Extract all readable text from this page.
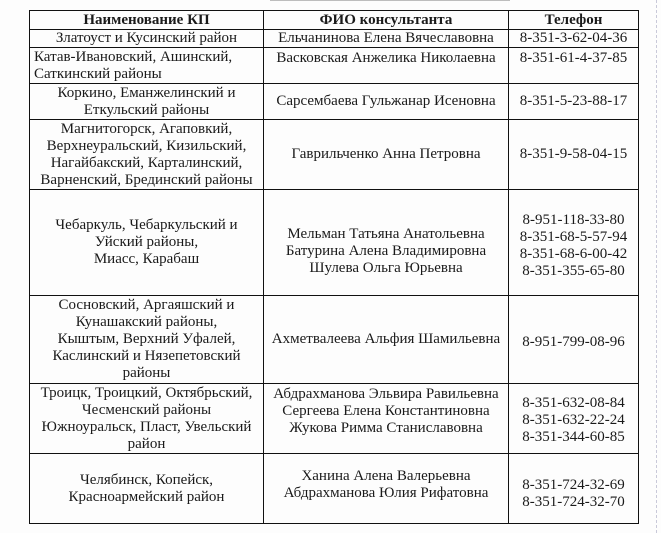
Наименование КП	ФИО консультанта	Телефон

Златоуст и Кусинский район	Ельчанинова Елена Вячеславовна	8-351-3-62-04-36

Катав-Ивановский, Ашинский,
Саткинский районы	Васковская Анжелика Николаевна	8-351-61-4-37-85

Коркино, Еманжелинский и
Еткульский районы	Сарсембаева Гульжанар Исеновна	8-351-5-23-88-17

Магнитогорск, Агаповкий,
Верхнеуральский, Кизильский,
Нагайбакский, Карталинский,
Варненский, Брединский районы	Гаврильченко Анна Петровна	8-351-9-58-04-15

Чебаркуль, Чебаркульский и
Уйский районы,
Миасс, Карабаш	Мельман Татьяна Анатольевна
Батурина Алена Владимировна
Шулева Ольга Юрьевна	8-951-118-33-80
8-351-68-5-57-94
8-351-68-6-00-42
8-351-355-65-80

Сосновский, Аргаяшский и
Кунашакский районы,
Кыштым, Верхний Уфалей,
Каслинский и Нязепетовский
районы	Ахметвалеева Альфия Шамильевна	8-951-799-08-96

Троицк, Троицкий, Октябрьский,
Чесменский районы
Южноуральск, Пласт, Увельский
район	Абдрахманова Эльвира Равильевна
Сергеева Елена Константиновна
Жукова Римма Станиславовна	8-351-632-08-84
8-351-632-22-24
8-351-344-60-85

Челябинск, Копейск,
Красноармейский район	Ханина Алена Валерьевна
Абдрахманова Юлия Рифатовна	8-351-724-32-69
8-351-724-32-70
